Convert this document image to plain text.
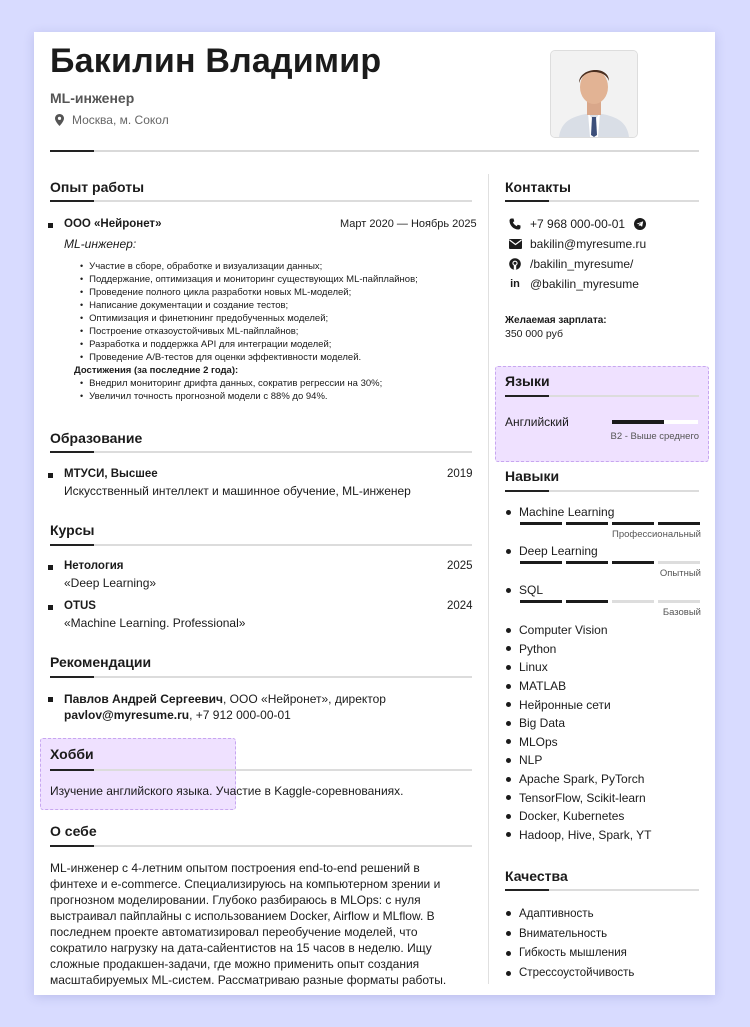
Бакилин Владимир
ML-инженер
Москва, м. Сокол
Опыт работы
ООО «Нейронет»	Март 2020 — Ноябрь 2025
ML-инженер:
• Участие в сборе, обработке и визуализации данных;
• Поддержание, оптимизация и мониторинг существующих ML-пайплайнов;
• Проведение полного цикла разработки новых ML-моделей;
• Написание документации и создание тестов;
• Оптимизация и финетюнинг предобученных моделей;
• Построение отказоустойчивых ML-пайплайнов;
• Разработка и поддержка API для интеграции моделей;
• Проведение A/B-тестов для оценки эффективности моделей.
Достижения (за последние 2 года):
• Внедрил мониторинг дрифта данных, сократив регрессии на 30%;
• Увеличил точность прогнозной модели с 88% до 94%.
Образование
МТУСИ, Высшее	2019
Искусственный интеллект и машинное обучение, ML-инженер
Курсы
Нетология	2025
«Deep Learning»
OTUS	2024
«Machine Learning. Professional»
Рекомендации
Павлов Андрей Сергеевич, ООО «Нейронет», директор
pavlov@myresume.ru, +7 912 000-00-01
Хобби
Изучение английского языка. Участие в Kaggle-соревнованиях.
О себе
ML-инженер с 4-летним опытом построения end-to-end решений в финтехе и e-commerce. Специализируюсь на компьютерном зрении и прогнозном моделировании. Глубоко разбираюсь в MLOps: с нуля выстраивал пайплайны с использованием Docker, Airflow и MLflow. В последнем проекте автоматизировал переобучение моделей, что сократило нагрузку на дата-сайентистов на 15 часов в неделю. Ищу сложные продакшен-задачи, где можно применить опыт создания масштабируемых ML-систем. Рассматриваю разные форматы работы.
Контакты
+7 968 000-00-01
bakilin@myresume.ru
/bakilin_myresume/
in @bakilin_myresume
Желаемая зарплата:
350 000 руб
Языки
Английский
B2 - Выше среднего
Навыки
Machine Learning
Профессиональный
Deep Learning
Опытный
SQL
Базовый
Computer Vision
Python
Linux
MATLAB
Нейронные сети
Big Data
MLOps
NLP
Apache Spark, PyTorch
TensorFlow, Scikit-learn
Docker, Kubernetes
Hadoop, Hive, Spark, YT
Качества
Адаптивность
Внимательность
Гибкость мышления
Стрессоустойчивость
